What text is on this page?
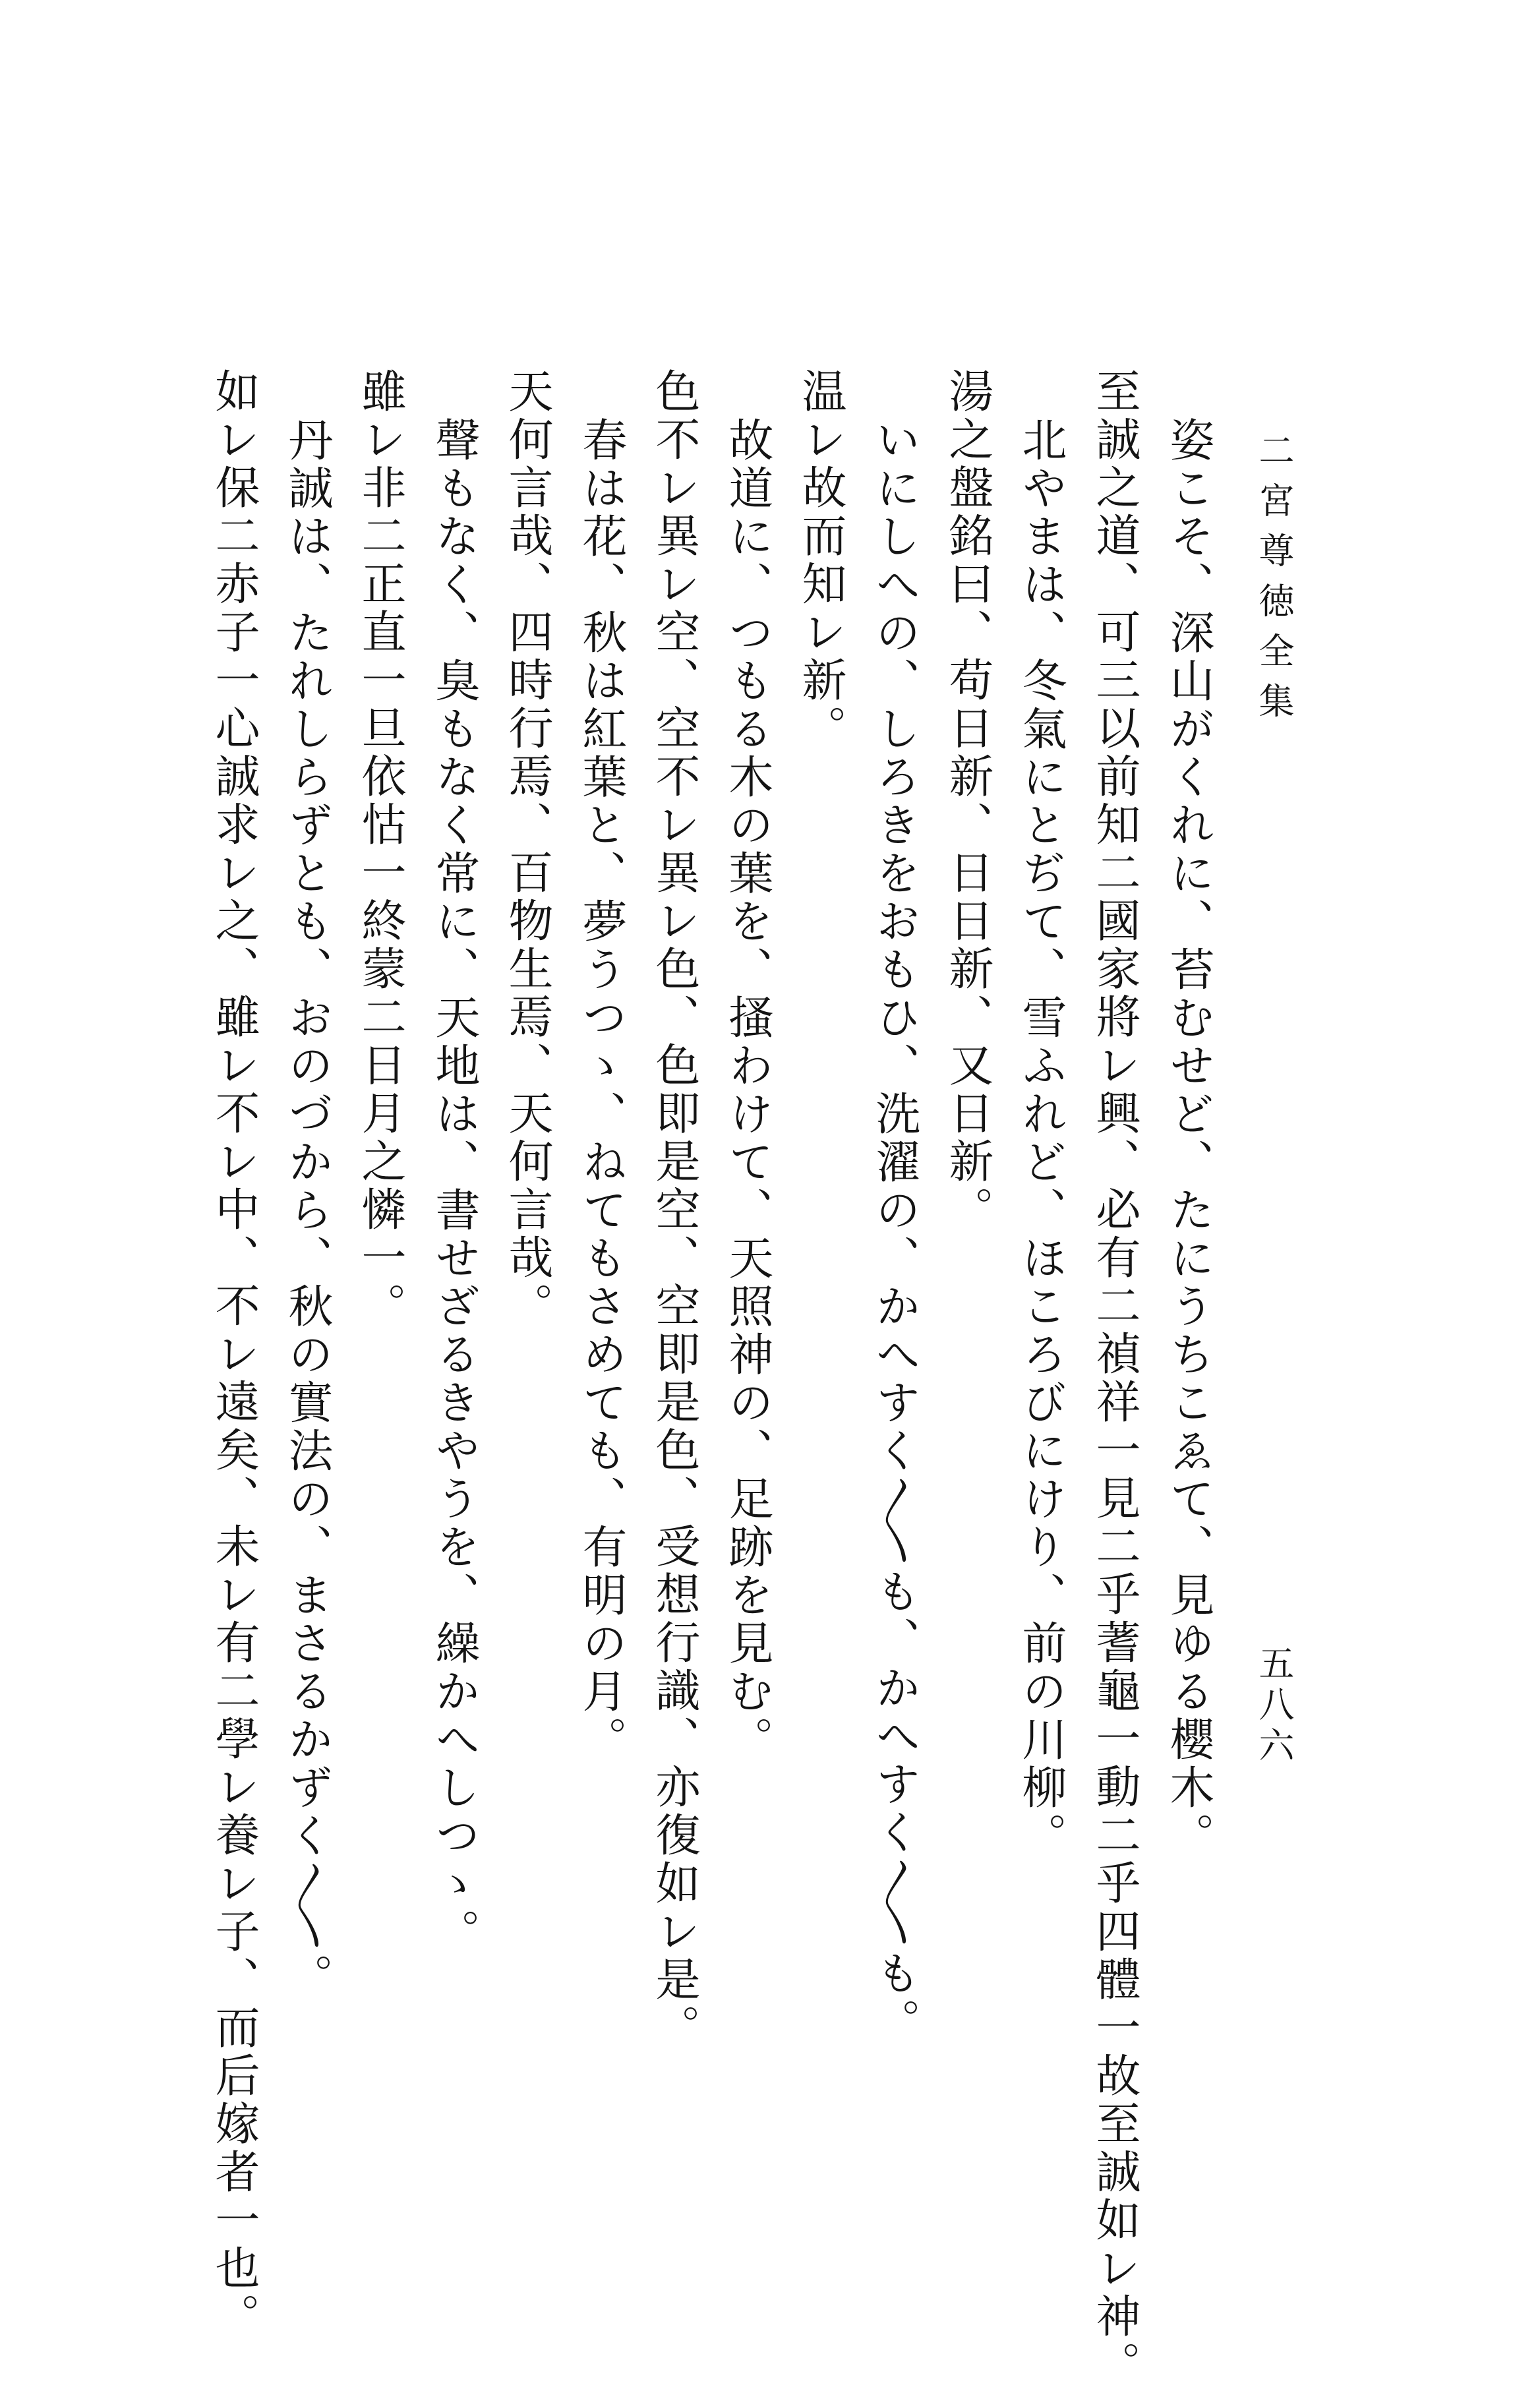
二宮尊徳全集
五八六
姿こそ、深山がくれに、苔むせど、たにうちこゑて、見ゆる櫻木。
至誠之道、可三以前知二國家將レ興、必有二禎祥一見二乎蓍龜一動二乎四體一故至誠如レ神。
北やまは、冬氣にとぢて、雪ふれど、ほころびにけり、前の川柳。
湯之盤銘曰、苟日新、日日新、又日新。
いにしへの、しろきをおもひ、洗濯の、かへすく〳〵も、かへすく〳〵も。
温レ故而知レ新。
故道に、つもる木の葉を、搔わけて、天照神の、足跡を見む。
色不レ異レ空、空不レ異レ色、色即是空、空即是色、受想行識、亦復如レ是。
春は花、秋は紅葉と、夢うつゝ、ねてもさめても、有明の月。
天何言哉、四時行焉、百物生焉、天何言哉。
聲もなく、臭もなく常に、天地は、書せざるきやうを、繰かへしつゝ。
雖レ非二正直一旦依怙一終蒙二日月之憐一。
丹誠は、たれしらずとも、おのづから、秋の實法の、まさるかずく〳〵。
如レ保二赤子一心誠求レ之、雖レ不レ中、不レ遠矣、未レ有二學レ養レ子、而后嫁者一也。
